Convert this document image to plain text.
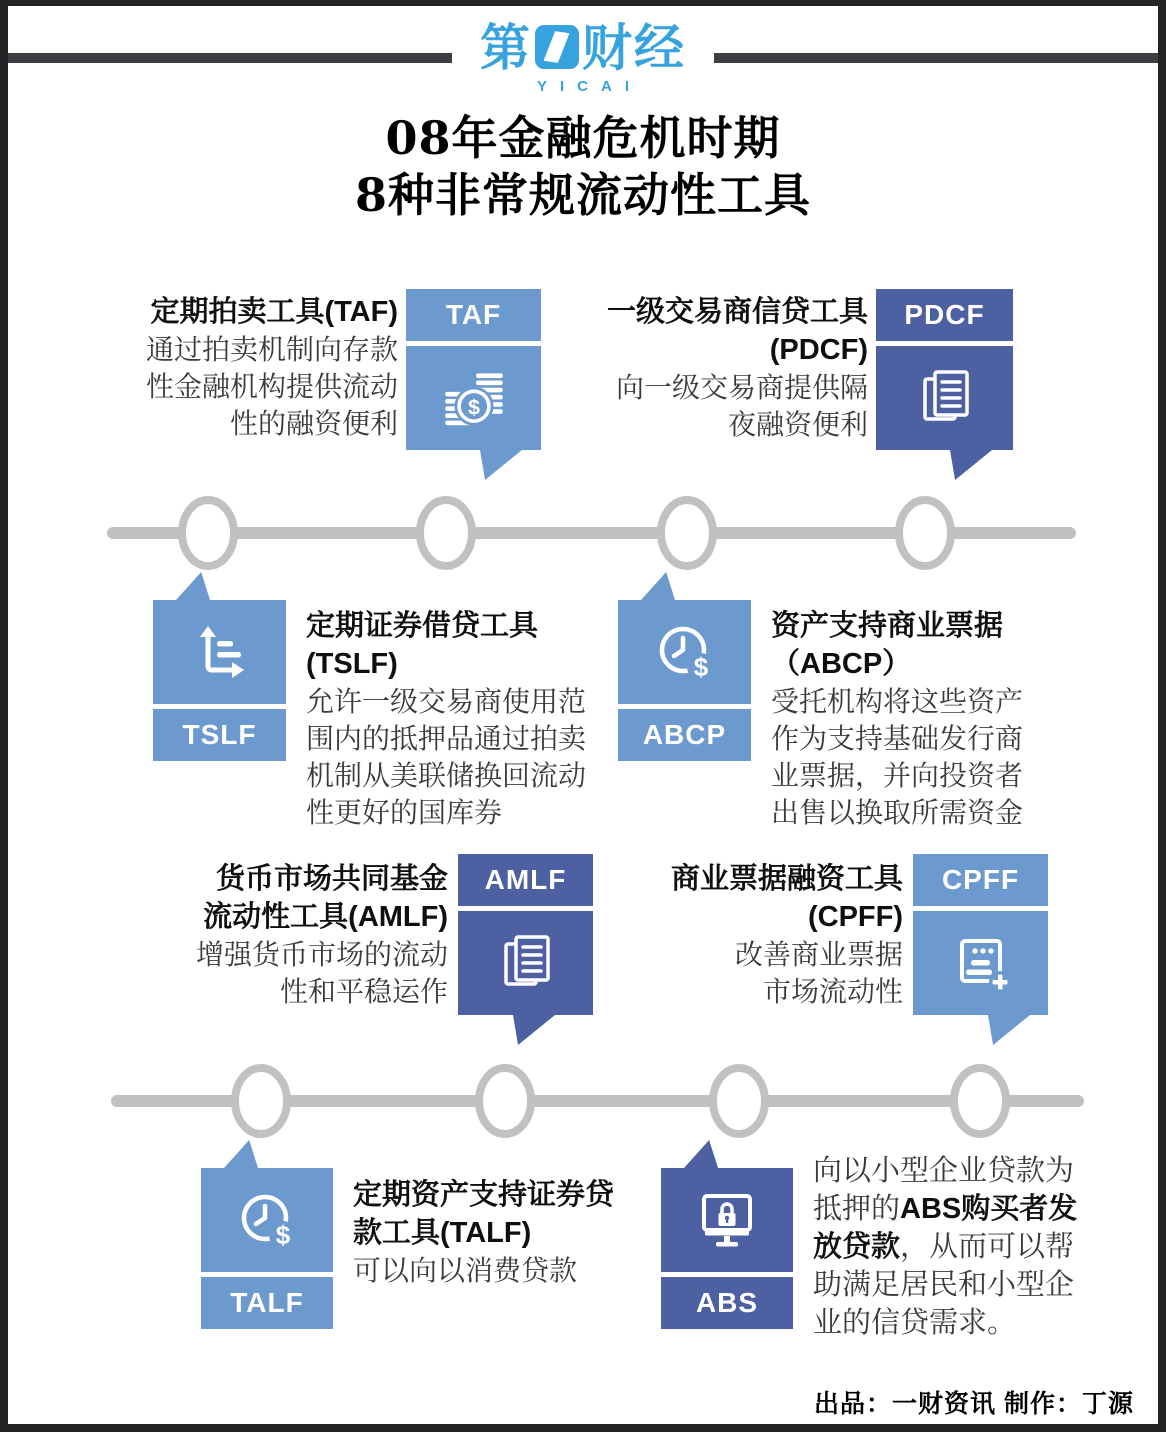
第 财经
YICAI
08年金融危机时期
8种非常规流动性工具
定期拍卖工具(TAF)
通过拍卖机制向存款
性金融机构提供流动
性的融资便利
TAF
$
一级交易商信贷工具
(PDCF)
向一级交易商提供隔
夜融资便利
PDCF
TSLF
定期证券借贷工具
(TSLF)
允许一级交易商使用范
围内的抵押品通过拍卖
机制从美联储换回流动
性更好的国库券
$
ABCP
资产支持商业票据
（ABCP）
受托机构将这些资产
作为支持基础发行商
业票据，并向投资者
出售以换取所需资金
货币市场共同基金
流动性工具(AMLF)
增强货币市场的流动
性和平稳运作
AMLF	商业票据融资工具
(CPFF)
改善商业票据
市场流动性
CPFF
$
TALF
定期资产支持证券贷
款工具(TALF)
可以向以消费贷款
ABS
向以小型企业贷款为
抵押的ABS购买者发
放贷款，从而可以帮
助满足居民和小型企
业的信贷需求。
出品：一财资讯 制作：丁源
